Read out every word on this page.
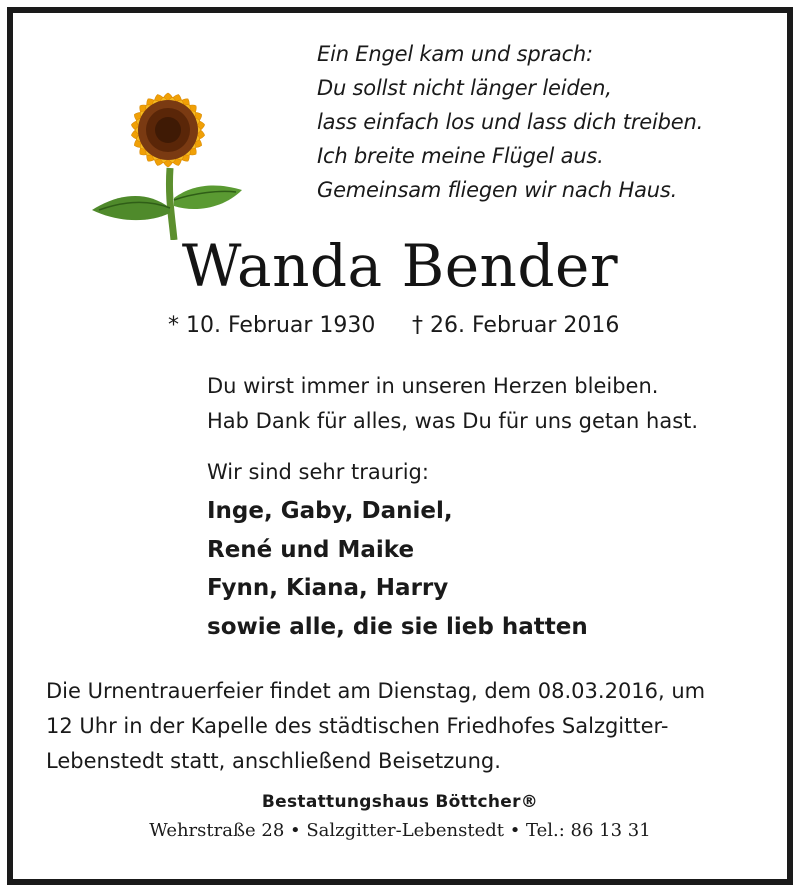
Ein Engel kam und sprach:
Du sollst nicht länger leiden,
lass einfach los und lass dich treiben.
Ich breite meine Flügel aus.
Gemeinsam fliegen wir nach Haus.
Wanda Bender
* 10. Februar 1930 † 26. Februar 2016
Du wirst immer in unseren Herzen bleiben.
Hab Dank für alles, was Du für uns getan hast.
Wir sind sehr traurig:
Inge, Gaby, Daniel,
René und Maike
Fynn, Kiana, Harry
sowie alle, die sie lieb hatten
Die Urnentrauerfeier findet am Dienstag, dem 08.03.2016, um
12 Uhr in der Kapelle des städtischen Friedhofes Salzgitter-
Lebenstedt statt, anschließend Beisetzung.
Bestattungshaus Böttcher®
Wehrstraße 28 • Salzgitter-Lebenstedt • Tel.: 86 13 31
